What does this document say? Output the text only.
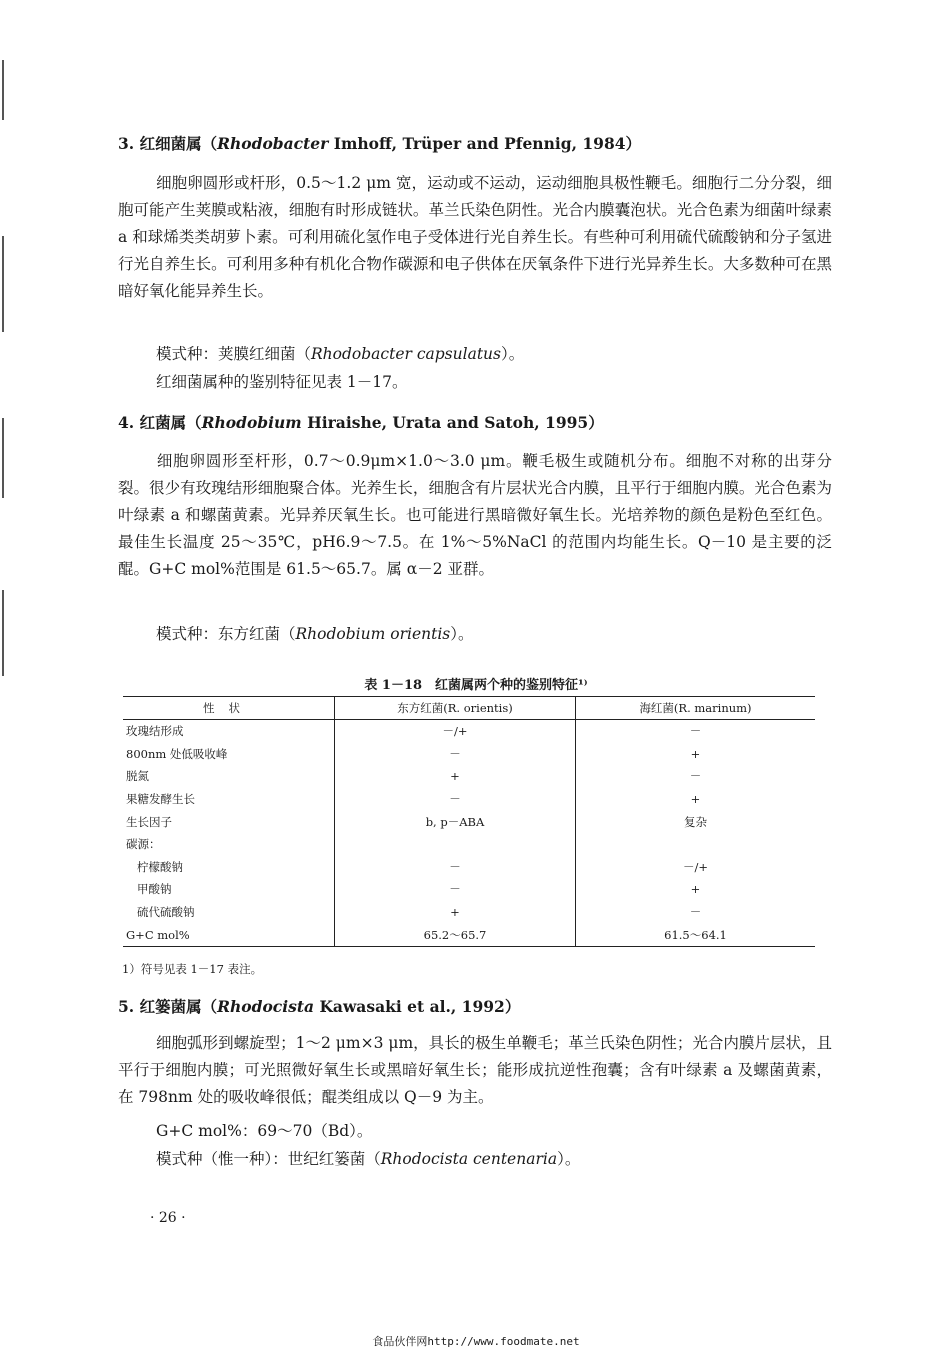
3. 红细菌属（Rhodobacter Imhoff, Trüper and Pfennig, 1984）
细胞卵圆形或杆形，0.5～1.2 μm 宽，运动或不运动，运动细胞具极性鞭毛。细胞行二分分裂，细胞可能产生荚膜或粘液，细胞有时形成链状。革兰氏染色阴性。光合内膜囊泡状。光合色素为细菌叶绿素 a 和球烯类类胡萝卜素。可利用硫化氢作电子受体进行光自养生长。有些种可利用硫代硫酸钠和分子氢进行光自养生长。可利用多种有机化合物作碳源和电子供体在厌氧条件下进行光异养生长。大多数种可在黑暗好氧化能异养生长。
模式种：荚膜红细菌（Rhodobacter capsulatus）。
红细菌属种的鉴别特征见表 1－17。
4. 红菌属（Rhodobium Hiraishe, Urata and Satoh, 1995）
细胞卵圆形至杆形，0.7～0.9μm×1.0～3.0 μm。鞭毛极生或随机分布。细胞不对称的出芽分裂。很少有玫瑰结形细胞聚合体。光养生长，细胞含有片层状光合内膜，且平行于细胞内膜。光合色素为叶绿素 a 和螺菌黄素。光异养厌氧生长。也可能进行黑暗微好氧生长。光培养物的颜色是粉色至红色。最佳生长温度 25～35℃，pH6.9～7.5。在 1%～5%NaCl 的范围内均能生长。Q－10 是主要的泛醌。G+C mol%范围是 61.5～65.7。属 α－2 亚群。
模式种：东方红菌（Rhodobium orientis）。
表 1－18　红菌属两个种的鉴别特征¹⁾
性状	东方红菌(R. orientis)	海红菌(R. marinum)
玫瑰结形成	－/+	－
800nm 处低吸收峰	－	+
脱氮	+	－
果糖发酵生长	－	+
生长因子	b, p－ABA	复杂
碳源：		
柠檬酸钠	－	－/+
甲酸钠	－	+
硫代硫酸钠	+	－
G+C mol%	65.2～65.7	61.5～64.1
1）符号见表 1－17 表注。
5. 红篓菌属（Rhodocista Kawasaki et al., 1992）
细胞弧形到螺旋型；1～2 μm×3 μm，具长的极生单鞭毛；革兰氏染色阴性；光合内膜片层状，且平行于细胞内膜；可光照微好氧生长或黑暗好氧生长；能形成抗逆性孢囊；含有叶绿素 a 及螺菌黄素，在 798nm 处的吸收峰很低；醌类组成以 Q－9 为主。
G+C mol%：69～70（Bd）。
模式种（惟一种）：世纪红篓菌（Rhodocista centenaria）。
· 26 ·
食品伙伴网http://www.foodmate.net
